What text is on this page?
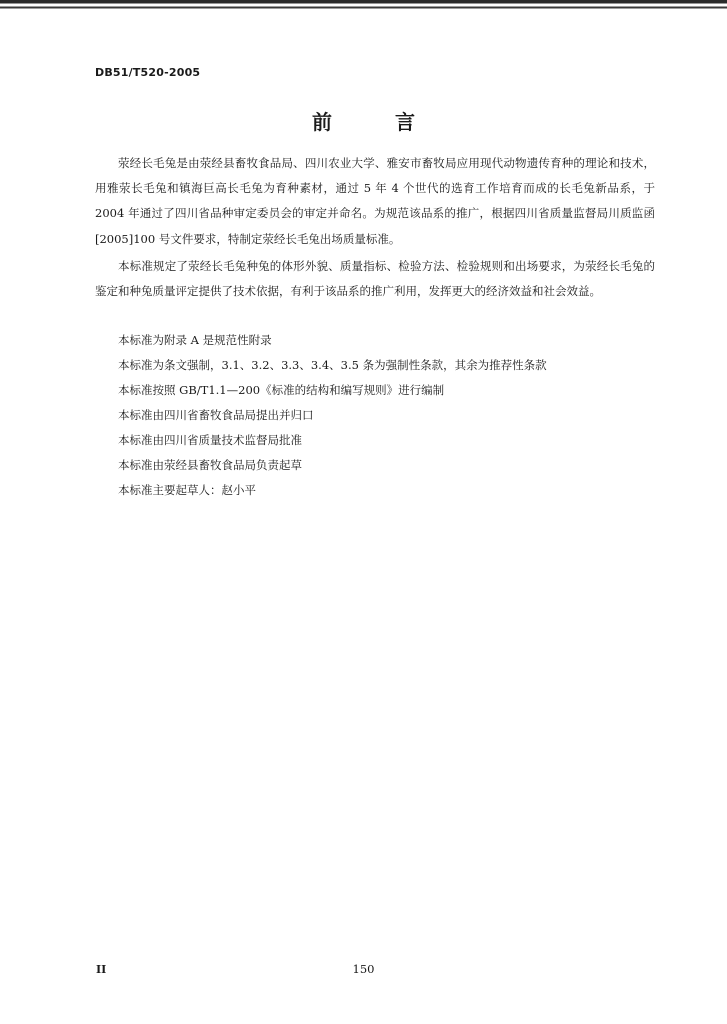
DB51/T520-2005
前 言
荥经长毛兔是由荥经县畜牧食品局、四川农业大学、雅安市畜牧局应用现代动物遗传育种的理论和技术，用雅荥长毛兔和镇海巨高长毛兔为育种素材，通过 5 年 4 个世代的选育工作培育而成的长毛兔新品系，于 2004 年通过了四川省品种审定委员会的审定并命名。为规范该品系的推广，根据四川省质量监督局川质监函[2005]100 号文件要求，特制定荥经长毛兔出场质量标准。
本标准规定了荥经长毛兔种兔的体形外貌、质量指标、检验方法、检验规则和出场要求，为荥经长毛兔的鉴定和种兔质量评定提供了技术依据，有利于该品系的推广利用，发挥更大的经济效益和社会效益。
本标准为附录 A 是规范性附录
本标准为条文强制，3.1、3.2、3.3、3.4、3.5 条为强制性条款，其余为推荐性条款
本标准按照 GB/T1.1—200《标准的结构和编写规则》进行编制
本标准由四川省畜牧食品局提出并归口
本标准由四川省质量技术监督局批准
本标准由荥经县畜牧食品局负责起草
本标准主要起草人：赵小平
II	150
